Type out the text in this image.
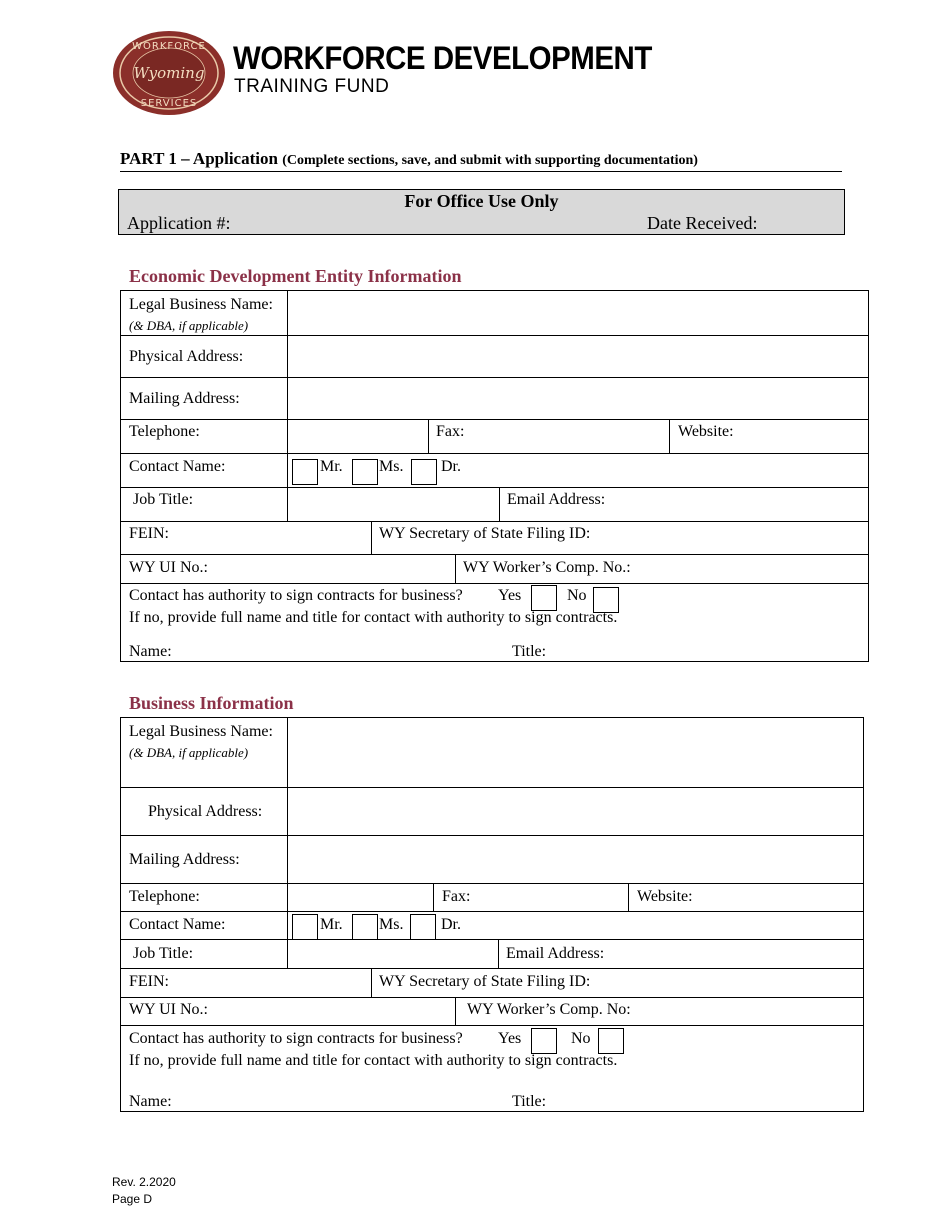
WORKFORCE
Wyoming
SERVICES
WORKFORCE DEVELOPMENT
TRAINING FUND
PART 1 – Application (Complete sections, save, and submit with supporting documentation)
For Office Use Only
Application #:	Date Received:
Economic Development Entity Information
Legal Business Name:
(& DBA, if applicable)
Physical Address:
Mailing Address:
Telephone:	Fax:	Website:
Contact Name:	Mr. Ms. Dr.
Job Title:	Email Address:
FEIN:	WY Secretary of State Filing ID:
WY UI No.:	WY Worker’s Comp. No.:
Contact has authority to sign contracts for business? Yes	No
If no, provide full name and title for contact with authority to sign contracts.
Name:	Title:
Business Information
Legal Business Name:
(& DBA, if applicable)
Physical Address:
Mailing Address:
Telephone:	Fax:	Website:
Contact Name:	Mr. Ms. Dr.
Job Title:	Email Address:
FEIN:	WY Secretary of State Filing ID:
WY UI No.:	WY Worker’s Comp. No:
Contact has authority to sign contracts for business? Yes	No
If no, provide full name and title for contact with authority to sign contracts.
Name:	Title:
Rev. 2.2020
Page D
